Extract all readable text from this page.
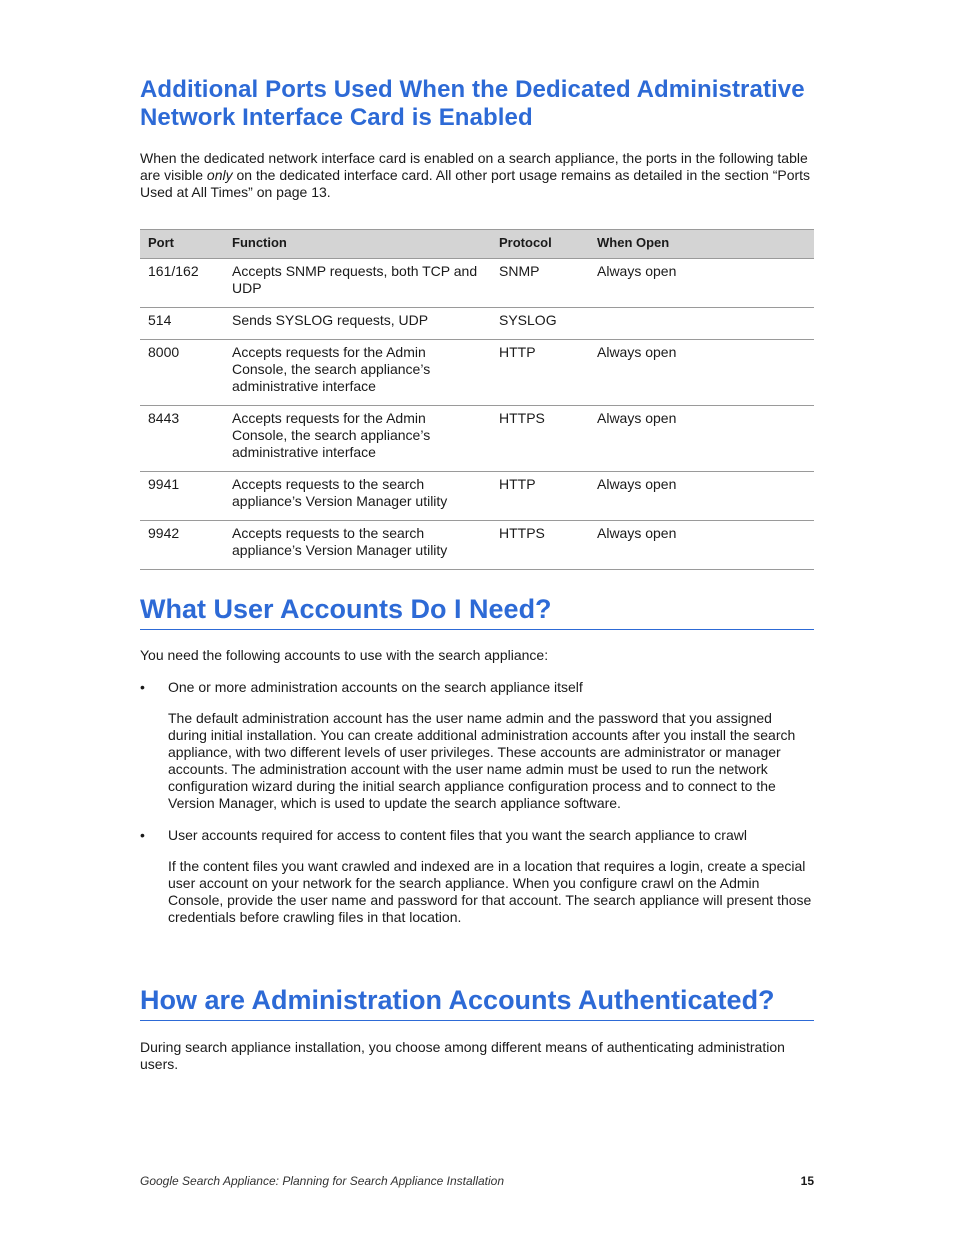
Additional Ports Used When the Dedicated Administrative
Network Interface Card is Enabled

When the dedicated network interface card is enabled on a search appliance, the ports in the following table are visible only on the dedicated interface card. All other port usage remains as detailed in the section “Ports Used at All Times” on page 13.

Port	Function	Protocol	When Open
161/162	Accepts SNMP requests, both TCP and UDP	SNMP	Always open
514	Sends SYSLOG requests, UDP	SYSLOG	
8000	Accepts requests for the Admin Console, the search appliance’s administrative interface	HTTP	Always open
8443	Accepts requests for the Admin Console, the search appliance’s administrative interface	HTTPS	Always open
9941	Accepts requests to the search appliance’s Version Manager utility	HTTP	Always open
9942	Accepts requests to the search appliance’s Version Manager utility	HTTPS	Always open
What User Accounts Do I Need?

You need the following accounts to use with the search appliance:

• One or more administration accounts on the search appliance itself

The default administration account has the user name admin and the password that you assigned during initial installation. You can create additional administration accounts after you install the search appliance, with two different levels of user privileges. These accounts are administrator or manager accounts. The administration account with the user name admin must be used to run the network configuration wizard during the initial search appliance configuration process and to connect to the Version Manager, which is used to update the search appliance software.

• User accounts required for access to content files that you want the search appliance to crawl

If the content files you want crawled and indexed are in a location that requires a login, create a special user account on your network for the search appliance. When you configure crawl on the Admin Console, provide the user name and password for that account. The search appliance will present those credentials before crawling files in that location.

How are Administration Accounts Authenticated?

During search appliance installation, you choose among different means of authenticating administration users.

Google Search Appliance: Planning for Search Appliance Installation	15
